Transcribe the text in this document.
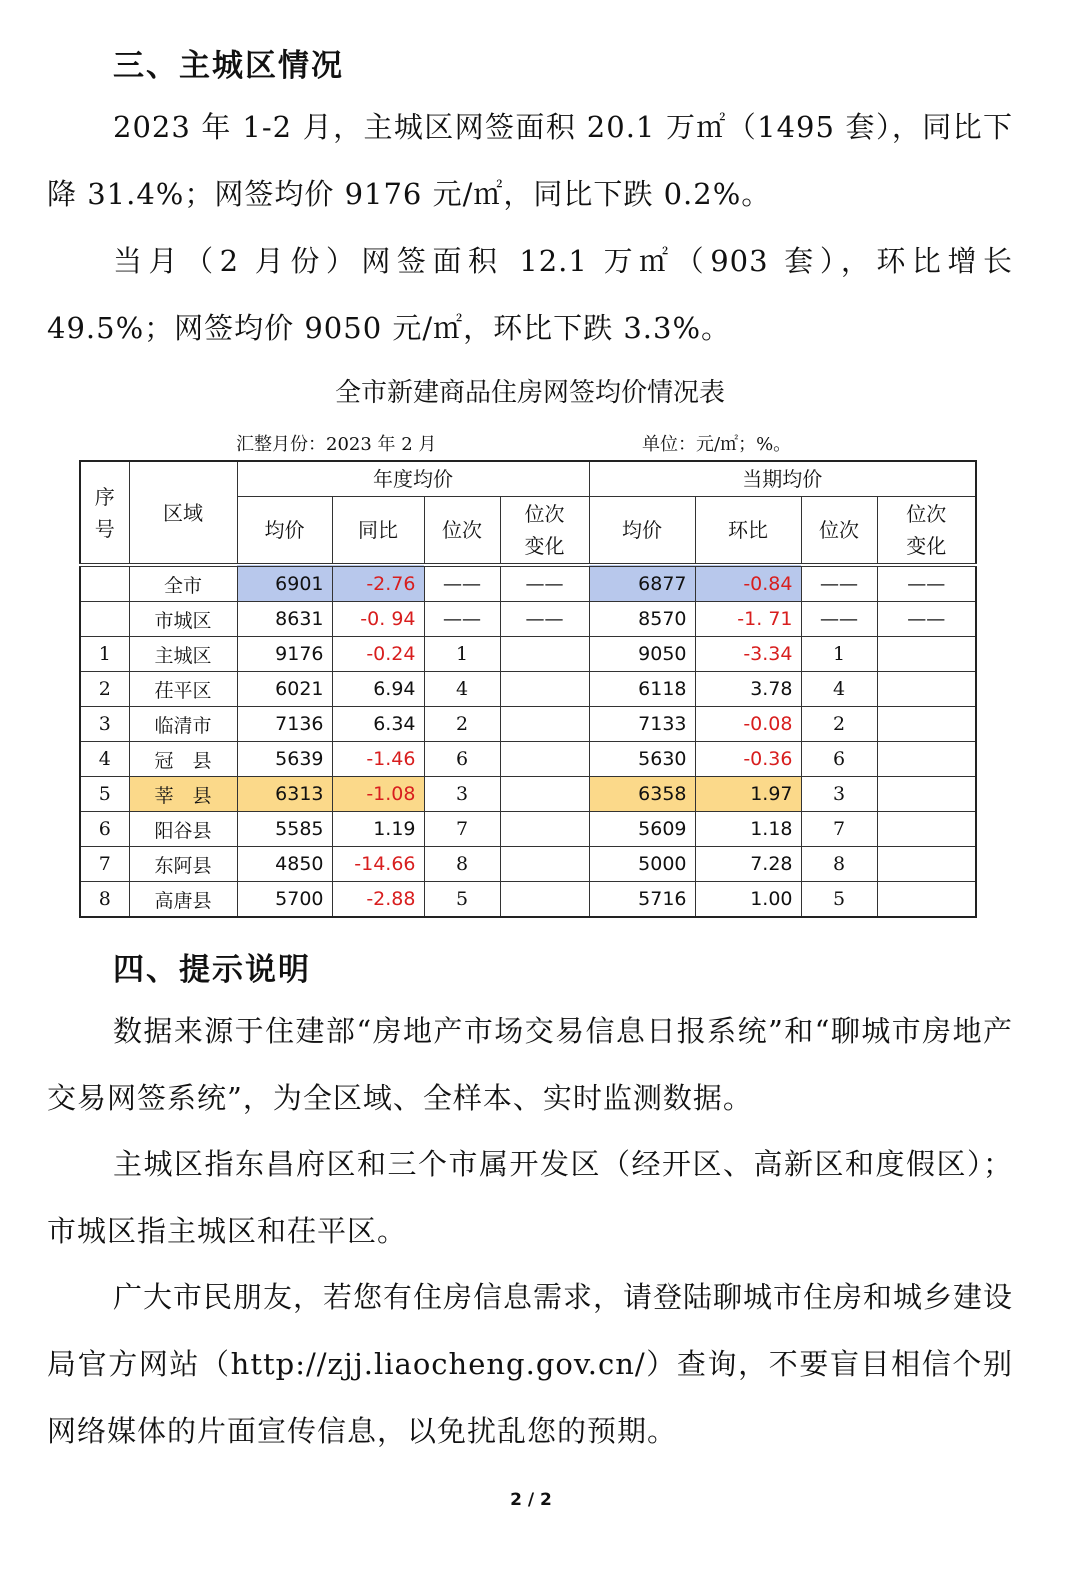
三、主城区情况

2023 年 1-2 月，主城区网签面积 20.1 万㎡（1495 套），同比下降 31.4%；网签均价 9176 元/㎡，同比下跌 0.2%。

当月（2 月份）网签面积 12.1 万㎡（903 套），环比增长 49.5%；网签均价 9050 元/㎡，环比下跌 3.3%。

全市新建商品住房网签均价情况表
汇整月份：2023 年 2 月	单位：元/㎡；%。
序号	区域	年度均价				当期均价			
		均价	同比	位次	位次变化	均价	环比	位次	位次变化
	全市	6901	-2.76	——	——	6877	-0.84	——	——
	市城区	8631	-0. 94	——	——	8570	-1. 71	——	——
1	主城区	9176	-0.24	1		9050	-3.34	1	
2	茌平区	6021	6.94	4		6118	3.78	4	
3	临清市	7136	6.34	2		7133	-0.08	2	
4	冠　县	5639	-1.46	6		5630	-0.36	6	
5	莘　县	6313	-1.08	3		6358	1.97	3	
6	阳谷县	5585	1.19	7		5609	1.18	7	
7	东阿县	4850	-14.66	8		5000	7.28	8	
8	高唐县	5700	-2.88	5		5716	1.00	5	
四、提示说明

数据来源于住建部“房地产市场交易信息日报系统”和“聊城市房地产交易网签系统”，为全区域、全样本、实时监测数据。

主城区指东昌府区和三个市属开发区（经开区、高新区和度假区）；市城区指主城区和茌平区。

广大市民朋友，若您有住房信息需求，请登陆聊城市住房和城乡建设局官方网站（http://zjj.liaocheng.gov.cn/）查询，不要盲目相信个别网络媒体的片面宣传信息，以免扰乱您的预期。

2 / 2
